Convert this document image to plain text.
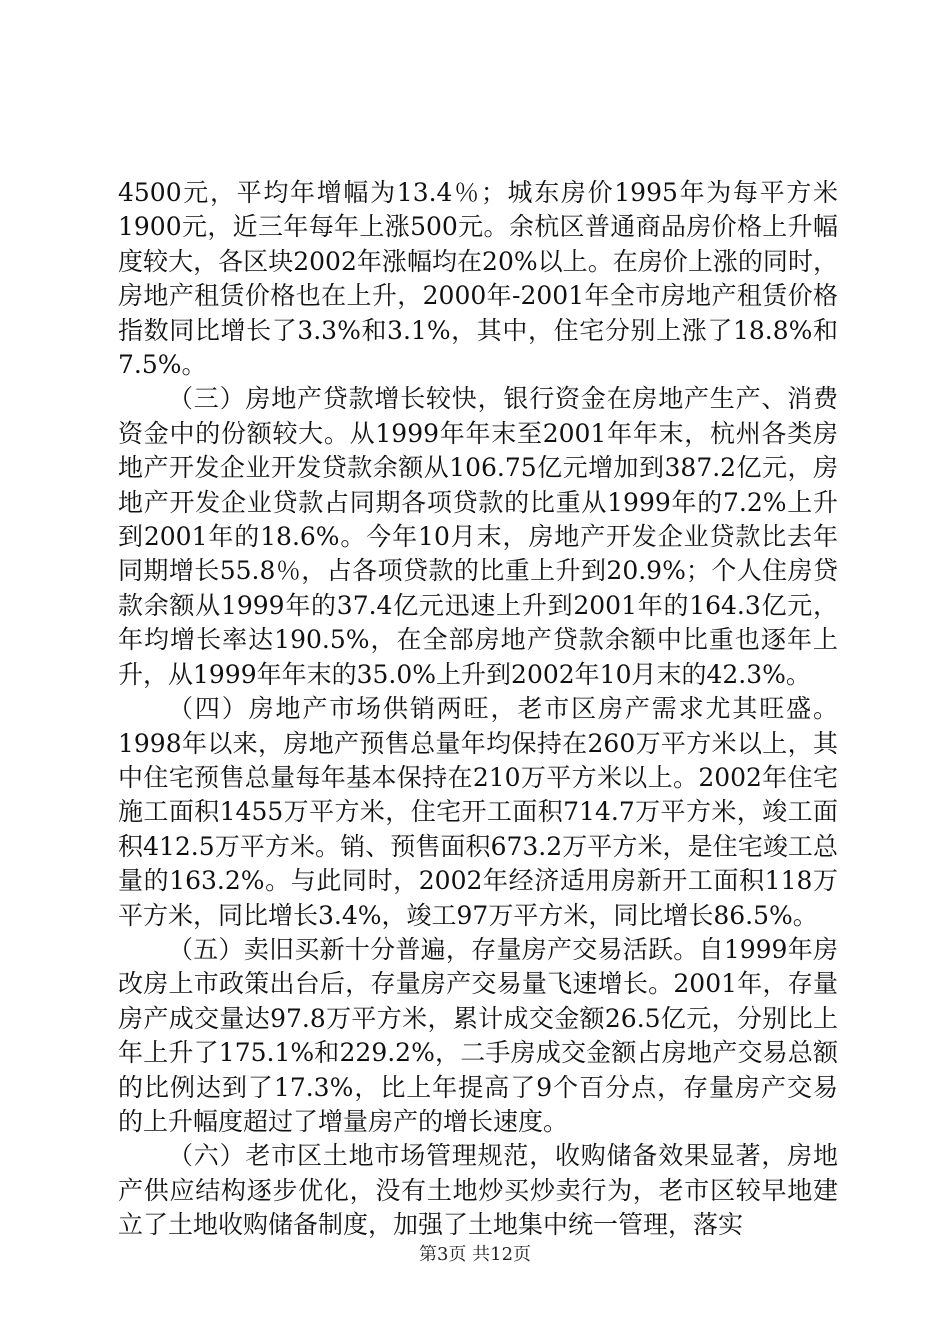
4500元，平均年增幅为13.4％；城东房价1995年为每平方米1900元，近三年每年上涨500元。余杭区普通商品房价格上升幅度较大，各区块2002年涨幅均在20%以上。在房价上涨的同时，房地产租赁价格也在上升，2000年-2001年全市房地产租赁价格指数同比增长了3.3%和3.1%，其中，住宅分别上涨了18.8%和7.5%。

（三）房地产贷款增长较快，银行资金在房地产生产、消费资金中的份额较大。从1999年年末至2001年年末，杭州各类房地产开发企业开发贷款余额从106.75亿元增加到387.2亿元，房地产开发企业贷款占同期各项贷款的比重从1999年的7.2%上升到2001年的18.6%。今年10月末，房地产开发企业贷款比去年同期增长55.8％，占各项贷款的比重上升到20.9%；个人住房贷款余额从1999年的37.4亿元迅速上升到2001年的164.3亿元，年均增长率达190.5%，在全部房地产贷款余额中比重也逐年上升，从1999年年末的35.0%上升到2002年10月末的42.3%。

（四）房地产市场供销两旺，老市区房产需求尤其旺盛。1998年以来，房地产预售总量年均保持在260万平方米以上，其中住宅预售总量每年基本保持在210万平方米以上。2002年住宅施工面积1455万平方米，住宅开工面积714.7万平方米，竣工面积412.5万平方米。销、预售面积673.2万平方米，是住宅竣工总量的163.2%。与此同时，2002年经济适用房新开工面积118万平方米，同比增长3.4%，竣工97万平方米，同比增长86.5%。

（五）卖旧买新十分普遍，存量房产交易活跃。自1999年房改房上市政策出台后，存量房产交易量飞速增长。2001年，存量房产成交量达97.8万平方米，累计成交金额26.5亿元，分别比上年上升了175.1%和229.2%，二手房成交金额占房地产交易总额的比例达到了17.3%，比上年提高了9个百分点，存量房产交易的上升幅度超过了增量房产的增长速度。

（六）老市区土地市场管理规范，收购储备效果显著，房地产供应结构逐步优化，没有土地炒买炒卖行为，老市区较早地建立了土地收购储备制度，加强了土地集中统一管理，落实

第3页 共12页
